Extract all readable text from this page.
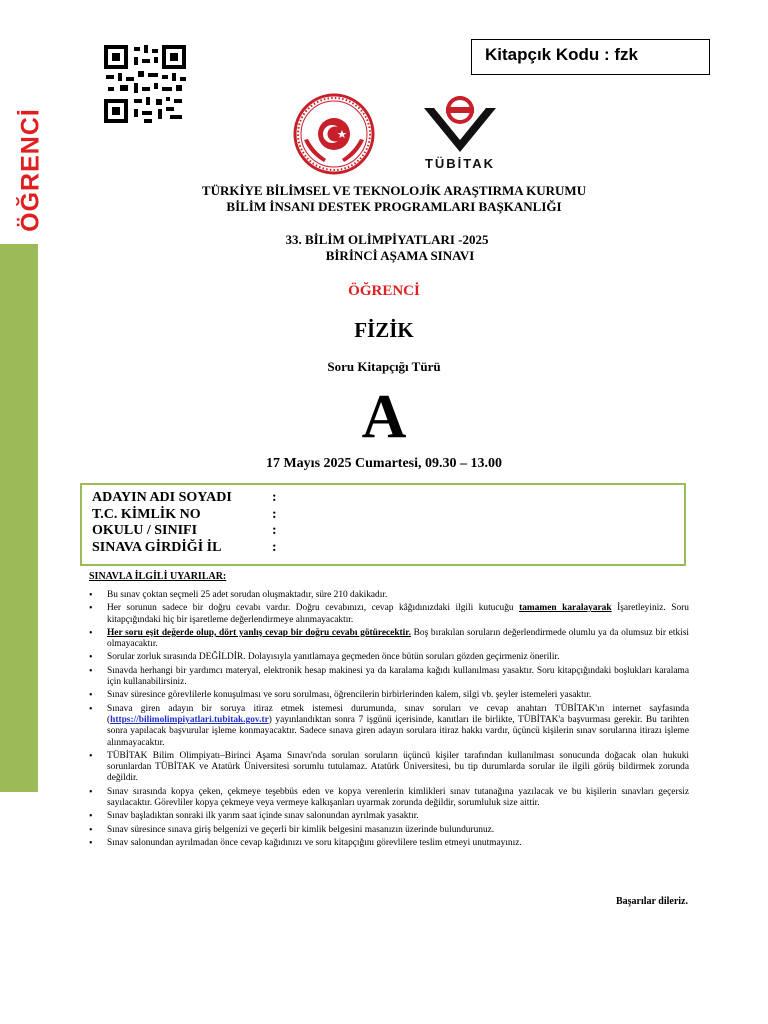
ÖĞRENCİ
Kitapçık Kodu : fzk
TÜBİTAK
TÜRKİYE BİLİMSEL VE TEKNOLOJİK ARAŞTIRMA KURUMU
BİLİM İNSANI DESTEK PROGRAMLARI BAŞKANLIĞI
33. BİLİM OLİMPİYATLARI -2025
BİRİNCİ AŞAMA SINAVI
ÖĞRENCİ
FİZİK
Soru Kitapçığı Türü
A
17 Mayıs 2025 Cumartesi, 09.30 – 13.00
ADAYIN ADI SOYADI	:
T.C. KİMLİK NO	:
OKULU / SINIFI	:
SINAVA GİRDİĞİ İL	:
SINAVLA İLGİLİ UYARILAR:
• Bu sınav çoktan seçmeli 25 adet sorudan oluşmaktadır, süre 210 dakikadır.
• Her sorunun sadece bir doğru cevabı vardır. Doğru cevabınızı, cevap kâğıdınızdaki ilgili kutucuğu tamamen karalayarak İşaretleyiniz. Soru kitapçığındaki hiç bir işaretleme değerlendirmeye alınmayacaktır.
• Her soru eşit değerde olup, dört yanlış cevap bir doğru cevabı götürecektir. Boş bırakılan soruların değerlendirmede olumlu ya da olumsuz bir etkisi olmayacaktır.
• Sorular zorluk sırasında DEĞİLDİR. Dolayısıyla yanıtlamaya geçmeden önce bütün soruları gözden geçirmeniz önerilir.
• Sınavda herhangi bir yardımcı materyal, elektronik hesap makinesi ya da karalama kağıdı kullanılması yasaktır. Soru kitapçığındaki boşlukları karalama için kullanabilirsiniz.
• Sınav süresince görevlilerle konuşulması ve soru sorulması, öğrencilerin birbirlerinden kalem, silgi vb. şeyler istemeleri yasaktır.
• Sınava giren adayın bir soruya itiraz etmek istemesi durumunda, sınav soruları ve cevap anahtarı TÜBİTAK'ın internet sayfasında (https://bilimolimpiyatlari.tubitak.gov.tr) yayınlandıktan sonra 7 işgünü içerisinde, kanıtları ile birlikte, TÜBİTAK'a başvurması gerekir. Bu tarihten sonra yapılacak başvurular işleme konmayacaktır. Sadece sınava giren adayın sorulara itiraz hakkı vardır, üçüncü kişilerin sınav sorularına itirazı işleme alınmayacaktır.
• TÜBİTAK Bilim Olimpiyatı–Birinci Aşama Sınavı'nda sorulan soruların üçüncü kişiler tarafından kullanılması sonucunda doğacak olan hukuki sorunlardan TÜBİTAK ve Atatürk Üniversitesi sorumlu tutulamaz. Atatürk Üniversitesi, bu tip durumlarda sorular ile ilgili görüş bildirmek zorunda değildir.
• Sınav sırasında kopya çeken, çekmeye teşebbüs eden ve kopya verenlerin kimlikleri sınav tutanağına yazılacak ve bu kişilerin sınavları geçersiz sayılacaktır. Görevliler kopya çekmeye veya vermeye kalkışanları uyarmak zorunda değildir, sorumluluk size aittir.
• Sınav başladıktan sonraki ilk yarım saat içinde sınav salonundan ayrılmak yasaktır.
• Sınav süresince sınava giriş belgenizi ve geçerli bir kimlik belgesini masanızın üzerinde bulundurunuz.
• Sınav salonundan ayrılmadan önce cevap kağıdınızı ve soru kitapçığını görevlilere teslim etmeyi unutmayınız.
Başarılar dileriz.
